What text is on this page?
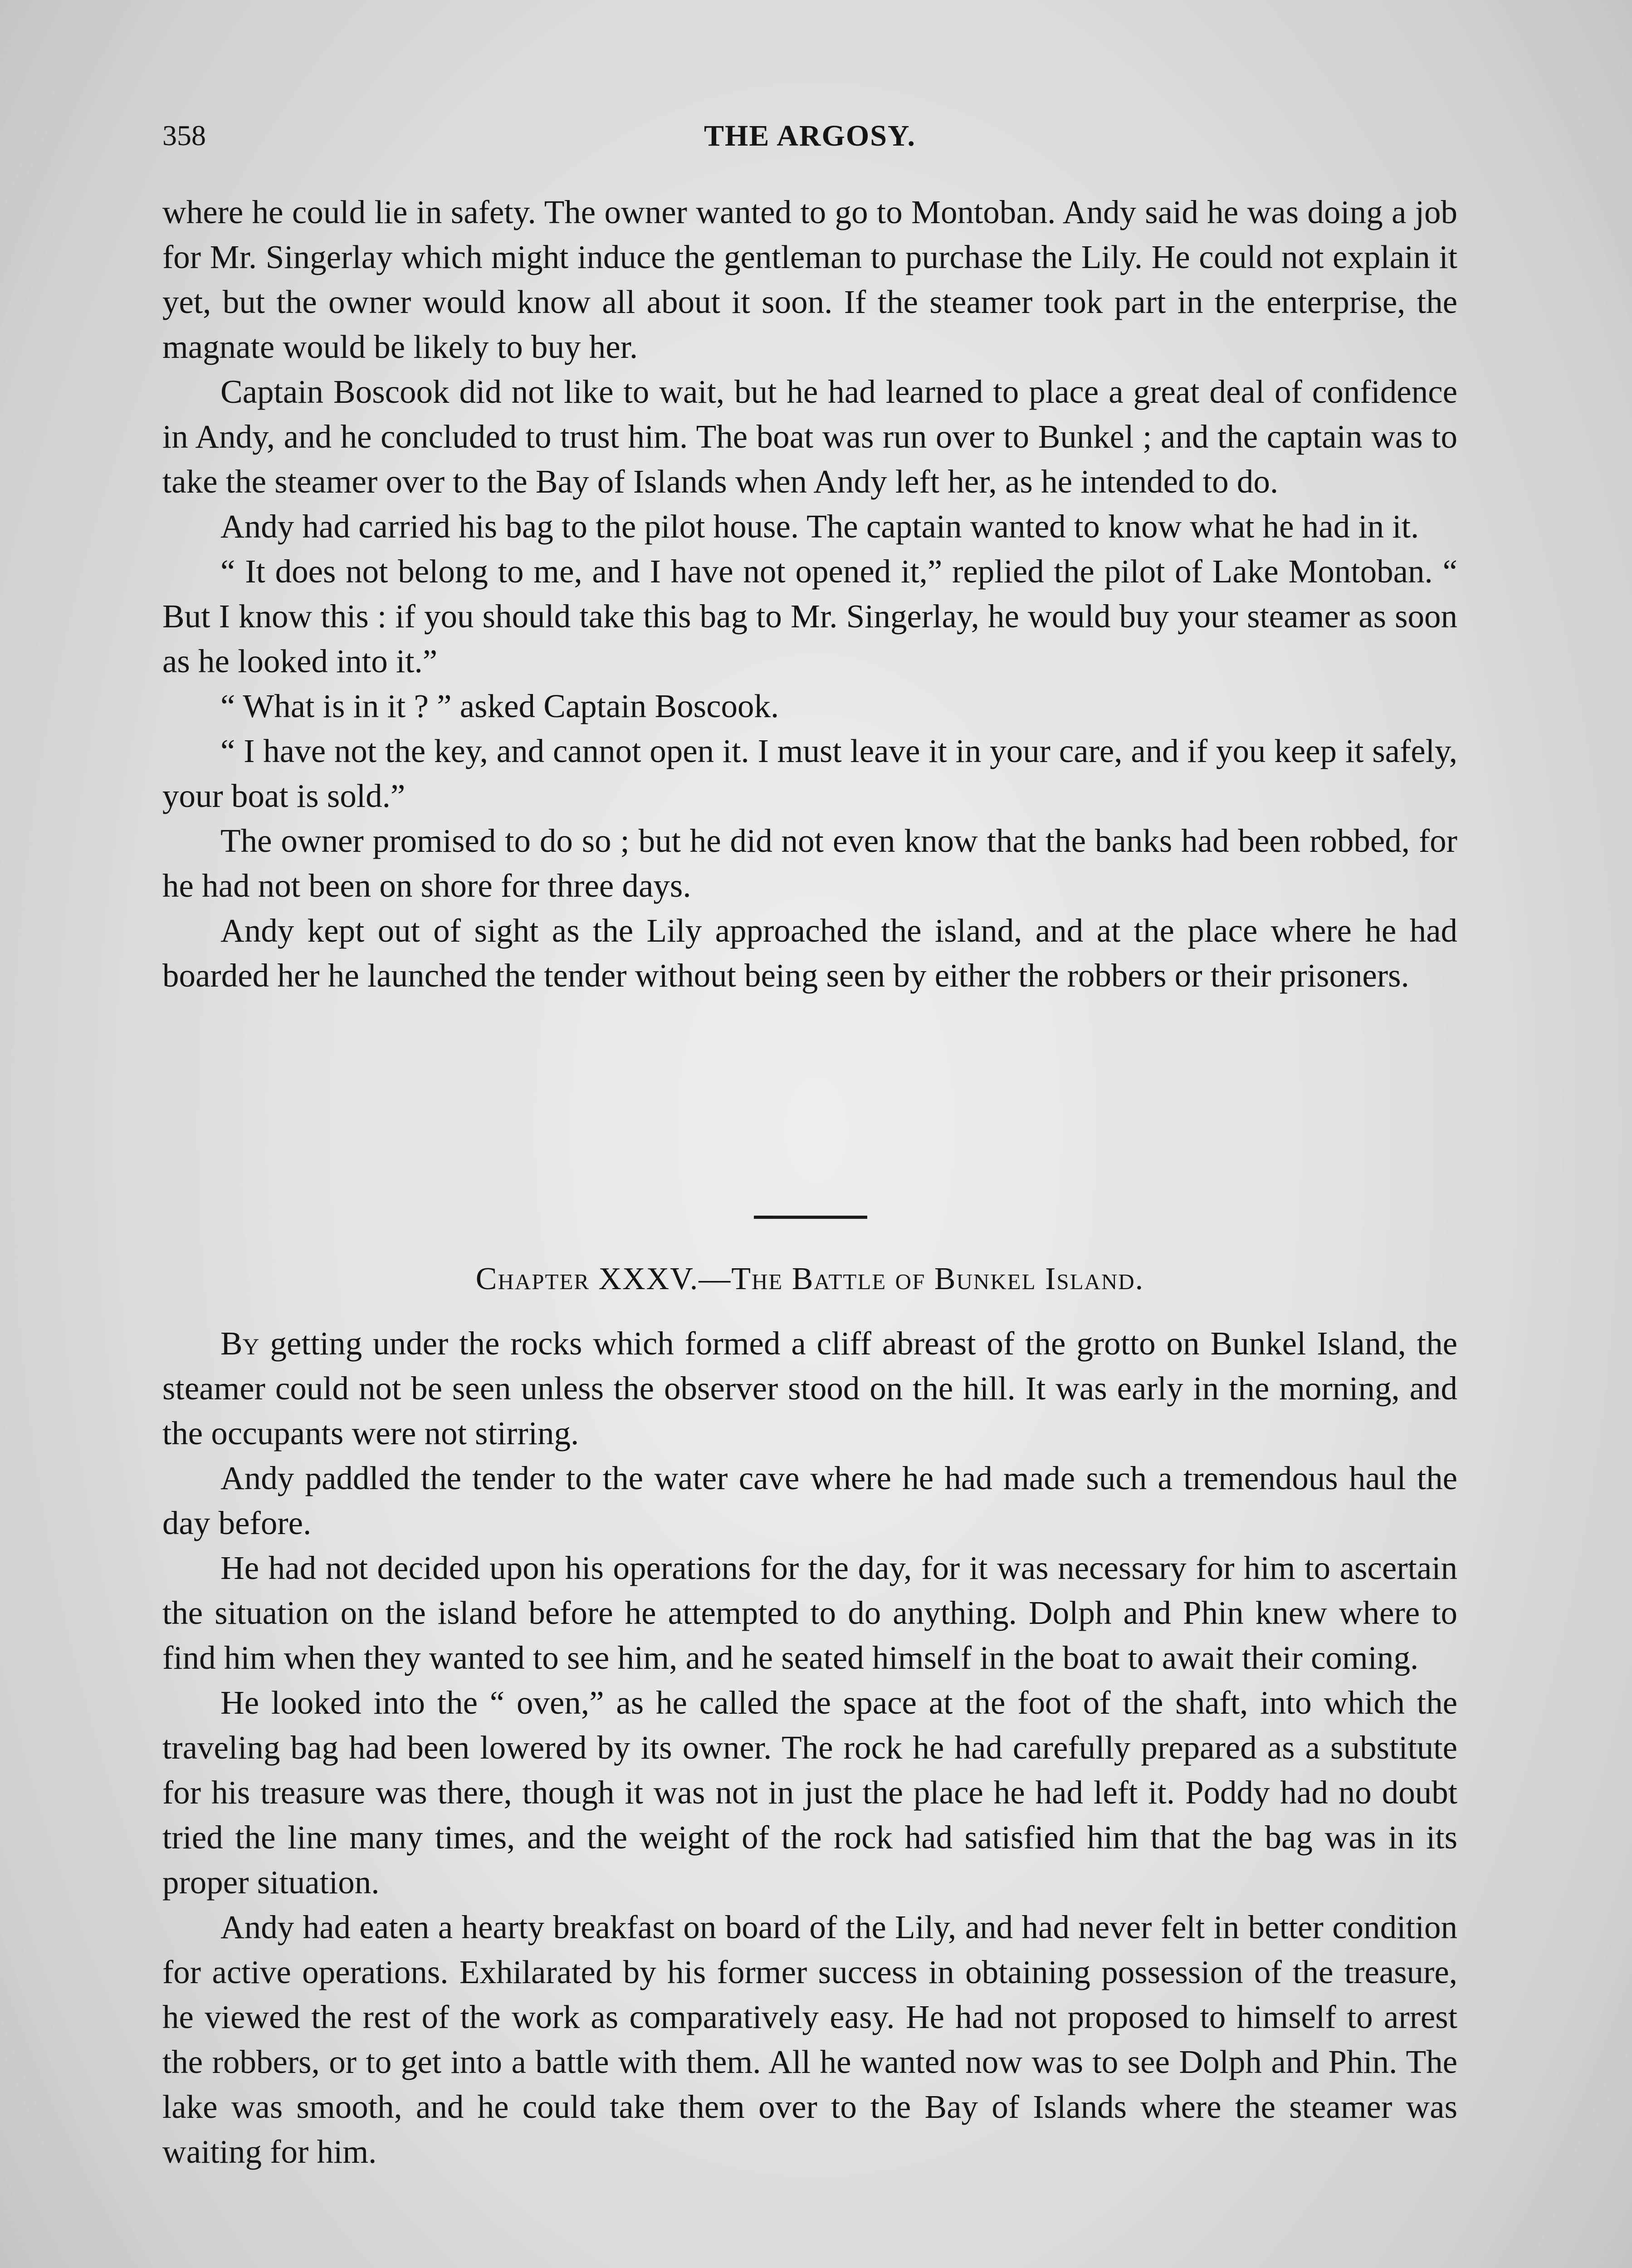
358	THE ARGOSY.

where he could lie in safety. The owner wanted to go to Montoban. Andy said he was doing a job for Mr. Singerlay which might induce the gentleman to purchase the Lily. He could not explain it yet, but the owner would know all about it soon. If the steamer took part in the enterprise, the magnate would be likely to buy her.

Captain Boscook did not like to wait, but he had learned to place a great deal of confidence in Andy, and he concluded to trust him. The boat was run over to Bunkel ; and the captain was to take the steamer over to the Bay of Islands when Andy left her, as he intended to do.

Andy had carried his bag to the pilot house. The captain wanted to know what he had in it.

“ It does not belong to me, and I have not opened it,” replied the pilot of Lake Montoban. “ But I know this : if you should take this bag to Mr. Singerlay, he would buy your steamer as soon as he looked into it.”

“ What is in it ? ” asked Captain Boscook.

“ I have not the key, and cannot open it. I must leave it in your care, and if you keep it safely, your boat is sold.”

The owner promised to do so ; but he did not even know that the banks had been robbed, for he had not been on shore for three days.

Andy kept out of sight as the Lily approached the island, and at the place where he had boarded her he launched the tender without being seen by either the robbers or their prisoners.

Chapter XXXV.—The Battle of Bunkel Island.

By getting under the rocks which formed a cliff abreast of the grotto on Bunkel Island, the steamer could not be seen unless the observer stood on the hill. It was early in the morning, and the occupants were not stirring.

Andy paddled the tender to the water cave where he had made such a tremendous haul the day before.

He had not decided upon his operations for the day, for it was necessary for him to ascertain the situation on the island before he attempted to do anything. Dolph and Phin knew where to find him when they wanted to see him, and he seated himself in the boat to await their coming.

He looked into the “ oven,” as he called the space at the foot of the shaft, into which the traveling bag had been lowered by its owner. The rock he had carefully prepared as a substitute for his treasure was there, though it was not in just the place he had left it. Poddy had no doubt tried the line many times, and the weight of the rock had satisfied him that the bag was in its proper situation.

Andy had eaten a hearty breakfast on board of the Lily, and had never felt in better condition for active operations. Exhilarated by his former success in obtaining possession of the treasure, he viewed the rest of the work as comparatively easy. He had not proposed to himself to arrest the robbers, or to get into a battle with them. All he wanted now was to see Dolph and Phin. The lake was smooth, and he could take them over to the Bay of Islands where the steamer was waiting for him.
